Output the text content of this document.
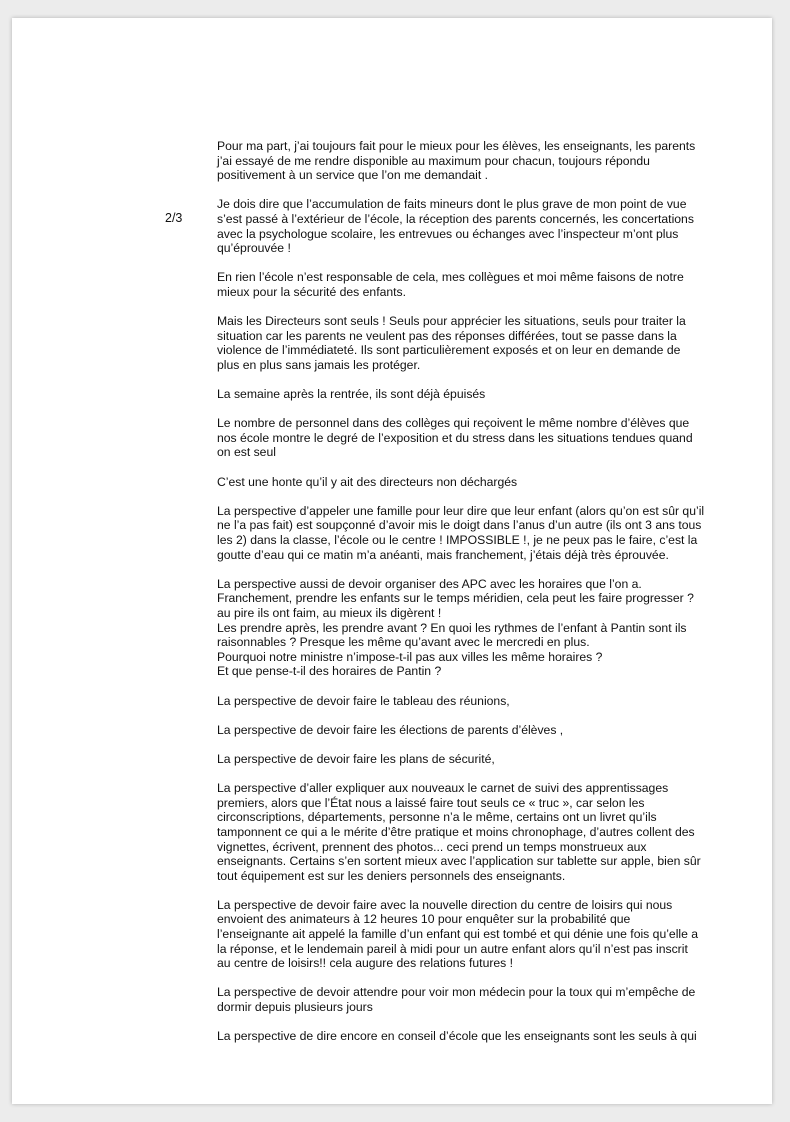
2/3

Pour ma part, j’ai toujours fait pour le mieux pour les élèves, les enseignants, les parents
j’ai essayé de me rendre disponible au maximum pour chacun, toujours répondu
positivement à un service que l’on me demandait .

Je dois dire que l’accumulation de faits mineurs dont le plus grave de mon point de vue
s’est passé à l’extérieur de l’école, la réception des parents concernés, les concertations
avec la psychologue scolaire, les entrevues ou échanges avec l’inspecteur m’ont plus
qu’éprouvée !

En rien l’école n’est responsable de cela, mes collègues et moi même faisons de notre
mieux pour la sécurité des enfants.

Mais les Directeurs sont seuls ! Seuls pour apprécier les situations, seuls pour traiter la
situation car les parents ne veulent pas des réponses différées, tout se passe dans la
violence de l’immédiateté. Ils sont particulièrement exposés et on leur en demande de
plus en plus sans jamais les protéger.

La semaine après la rentrée, ils sont déjà épuisés

Le nombre de personnel dans des collèges qui reçoivent le même nombre d’élèves que
nos école montre le degré de l’exposition et du stress dans les situations tendues quand
on est seul

C’est une honte qu’il y ait des directeurs non déchargés

La perspective d’appeler une famille pour leur dire que leur enfant (alors qu’on est sûr qu’il
ne l’a pas fait) est soupçonné d’avoir mis le doigt dans l’anus d’un autre (ils ont 3 ans tous
les 2) dans la classe, l’école ou le centre ! IMPOSSIBLE !, je ne peux pas le faire, c’est la
goutte d’eau qui ce matin m’a anéanti, mais franchement, j’étais déjà très éprouvée.

La perspective aussi de devoir organiser des APC avec les horaires que l’on a.
Franchement, prendre les enfants sur le temps méridien, cela peut les faire progresser ?
au pire ils ont faim, au mieux ils digèrent !
Les prendre après, les prendre avant ? En quoi les rythmes de l’enfant à Pantin sont ils
raisonnables ? Presque les même qu’avant avec le mercredi en plus.
Pourquoi notre ministre n’impose-t-il pas aux villes les même horaires ?
Et que pense-t-il des horaires de Pantin ?

La perspective de devoir faire le tableau des réunions,

La perspective de devoir faire les élections de parents d’élèves ,

La perspective de devoir faire les plans de sécurité,

La perspective d’aller expliquer aux nouveaux le carnet de suivi des apprentissages
premiers, alors que l’État nous a laissé faire tout seuls ce « truc », car selon les
circonscriptions, départements, personne n’a le même, certains ont un livret qu’ils
tamponnent ce qui a le mérite d’être pratique et moins chronophage, d’autres collent des
vignettes, écrivent, prennent des photos... ceci prend un temps monstrueux aux
enseignants. Certains s’en sortent mieux avec l’application sur tablette sur apple, bien sûr
tout équipement est sur les deniers personnels des enseignants.

La perspective de devoir faire avec la nouvelle direction du centre de loisirs qui nous
envoient des animateurs à 12 heures 10 pour enquêter sur la probabilité que
l’enseignante ait appelé la famille d’un enfant qui est tombé et qui dénie une fois qu’elle a
la réponse, et le lendemain pareil à midi pour un autre enfant alors qu’il n’est pas inscrit
au centre de loisirs!! cela augure des relations futures !

La perspective de devoir attendre pour voir mon médecin pour la toux qui m’empêche de
dormir depuis plusieurs jours

La perspective de dire encore en conseil d’école que les enseignants sont les seuls à qui
